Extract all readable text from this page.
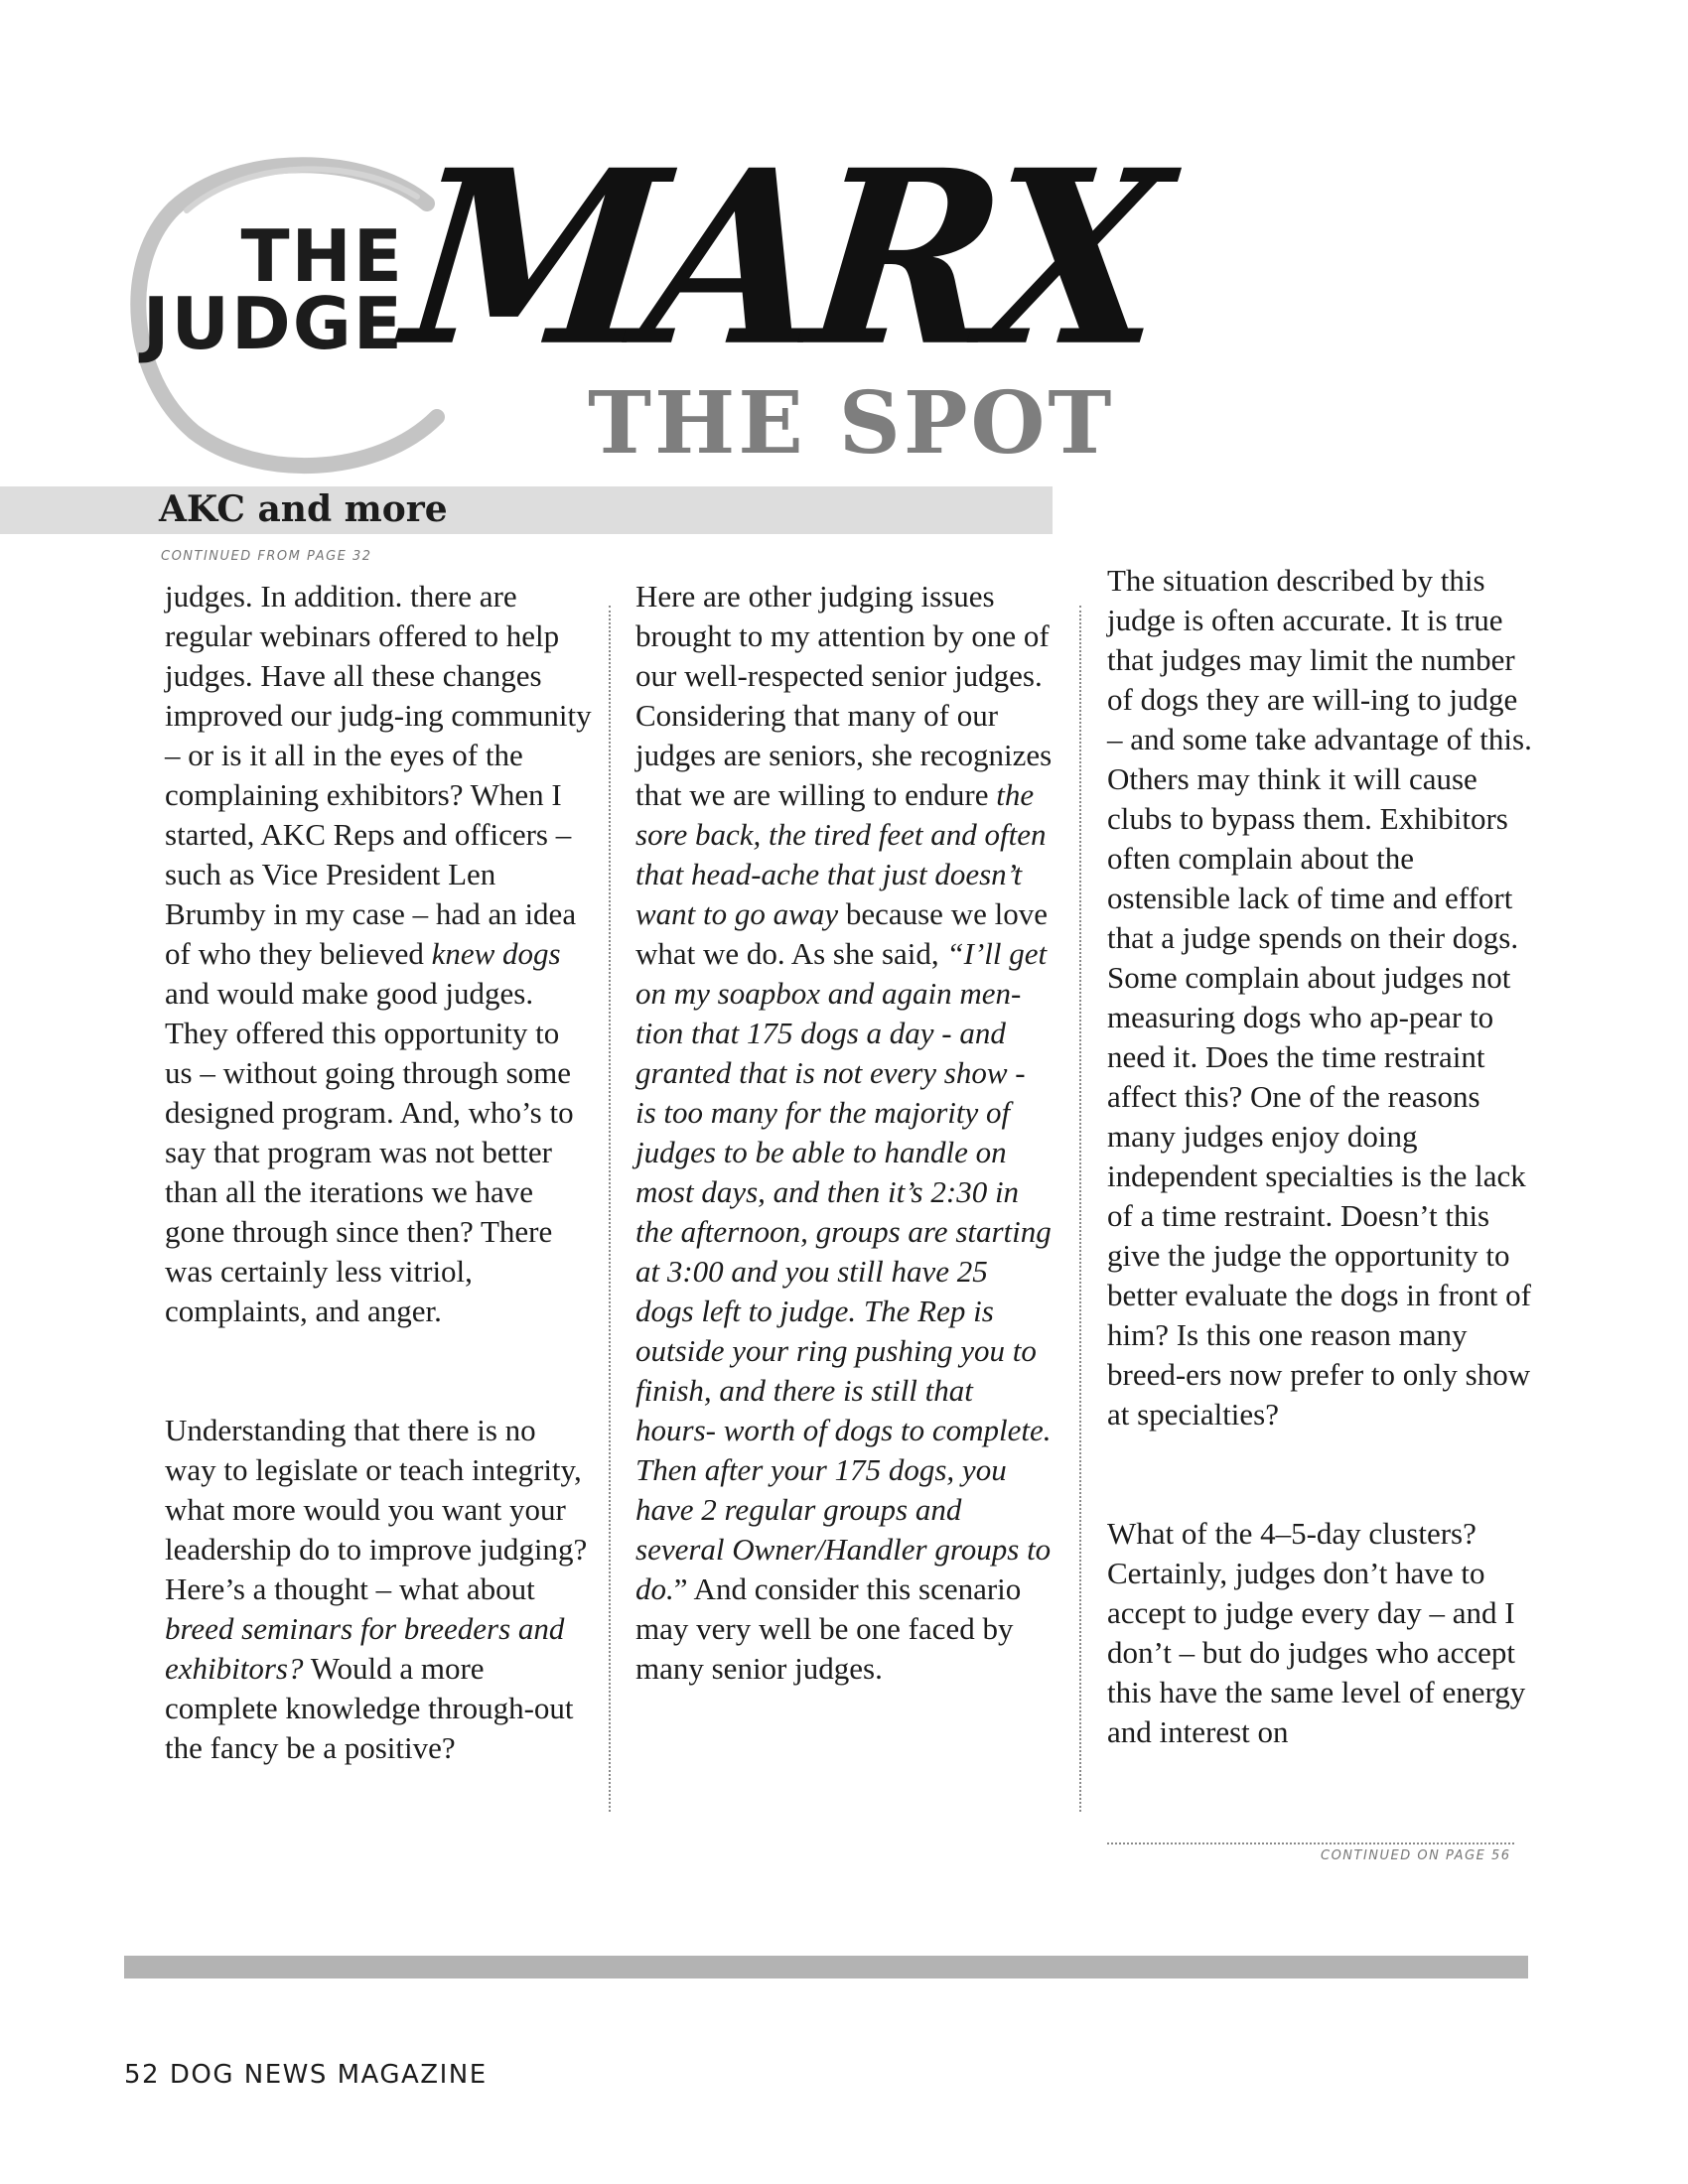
THE
JUDGE
MARX
THE SPOT
AKC and more
CONTINUED FROM PAGE 32

judges. In addition. there are regular webinars offered to help judges. Have all these changes improved our judg-ing community – or is it all in the eyes of the complaining exhibitors? When I started, AKC Reps and officers – such as Vice President Len Brumby in my case – had an idea of who they believed knew dogs and would make good judges. They offered this opportunity to us – without going through some designed program. And, who’s to say that program was not better than all the iterations we have gone through since then? There was certainly less vitriol, complaints, and anger.

Understanding that there is no way to legislate or teach integrity, what more would you want your leadership do to improve judging? Here’s a thought – what about breed seminars for breeders and exhibitors? Would a more complete knowledge through-out the fancy be a positive?

Here are other judging issues brought to my attention by one of our well-respected senior judges. Considering that many of our judges are seniors, she recognizes that we are willing to endure the sore back, the tired feet and often that head-ache that just doesn’t want to go away because we love what we do. As she said, “I’ll get on my soapbox and again men-tion that 175 dogs a day - and granted that is not every show - is too many for the majority of judges to be able to handle on most days, and then it’s 2:30 in the afternoon, groups are starting at 3:00 and you still have 25 dogs left to judge. The Rep is outside your ring pushing you to finish, and there is still that hours- worth of dogs to complete. Then after your 175 dogs, you have 2 regular groups and several Owner/Handler groups to do.” And consider this scenario may very well be one faced by many senior judges.

The situation described by this judge is often accurate. It is true that judges may limit the number of dogs they are will-ing to judge – and some take advantage of this. Others may think it will cause clubs to bypass them. Exhibitors often complain about the ostensible lack of time and effort that a judge spends on their dogs. Some complain about judges not measuring dogs who ap-pear to need it. Does the time restraint affect this? One of the reasons many judges enjoy doing independent specialties is the lack of a time restraint. Doesn’t this give the judge the opportunity to better evaluate the dogs in front of him? Is this one reason many breed-ers now prefer to only show at specialties?

What of the 4–5-day clusters? Certainly, judges don’t have to accept to judge every day – and I don’t – but do judges who accept this have the same level of energy and interest on

CONTINUED ON PAGE 56
52 DOG NEWS MAGAZINE
